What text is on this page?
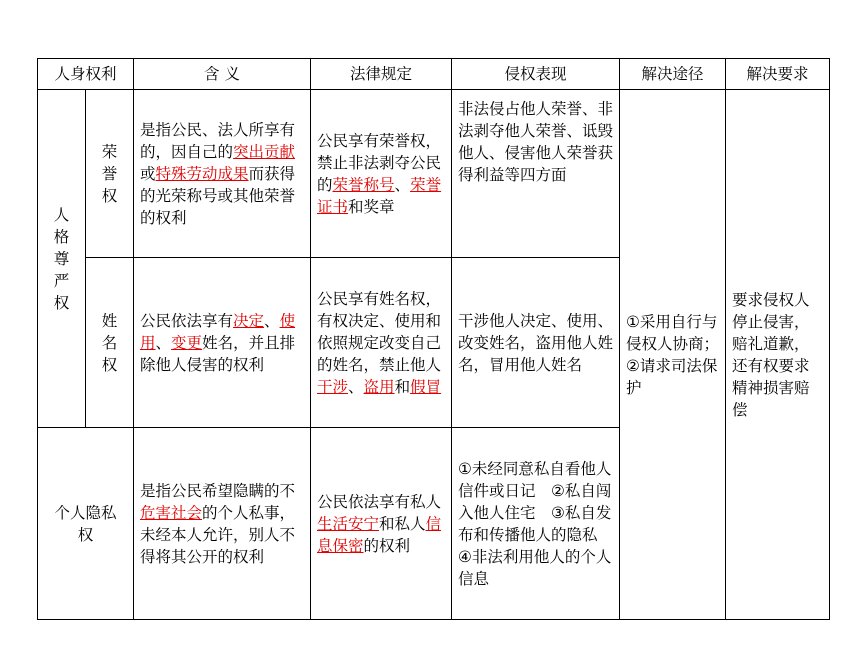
人身权利		含 义	法律规定	侵权表现	解决途径	解决要求

人格尊严权	荣誉权	是指公民、法人所享有的，因自己的突出贡献或特殊劳动成果而获得的光荣称号或其他荣誉的权利	公民享有荣誉权，禁止非法剥夺公民的荣誉称号、荣誉证书和奖章	非法侵占他人荣誉、非法剥夺他人荣誉、诋毁他人、侵害他人荣誉获得利益等四方面	①采用自行与侵权人协商；②请求司法保护	要求侵权人停止侵害，赔礼道歉，还有权要求精神损害赔偿

	姓名权	公民依法享有决定、使用、变更姓名，并且排除他人侵害的权利	公民享有姓名权，有权决定、使用和依照规定改变自己的姓名，禁止他人干涉、盗用和假冒	干涉他人决定、使用、改变姓名，盗用他人姓名，冒用他人姓名		
个人隐私权		是指公民希望隐瞒的不危害社会的个人私事，未经本人允许，别人不得将其公开的权利	公民依法享有私人生活安宁和私人信息保密的权利	①未经同意私自看他人信件或日记　②私自闯入他人住宅　③私自发布和传播他人的隐私　④非法利用他人的个人信息		
